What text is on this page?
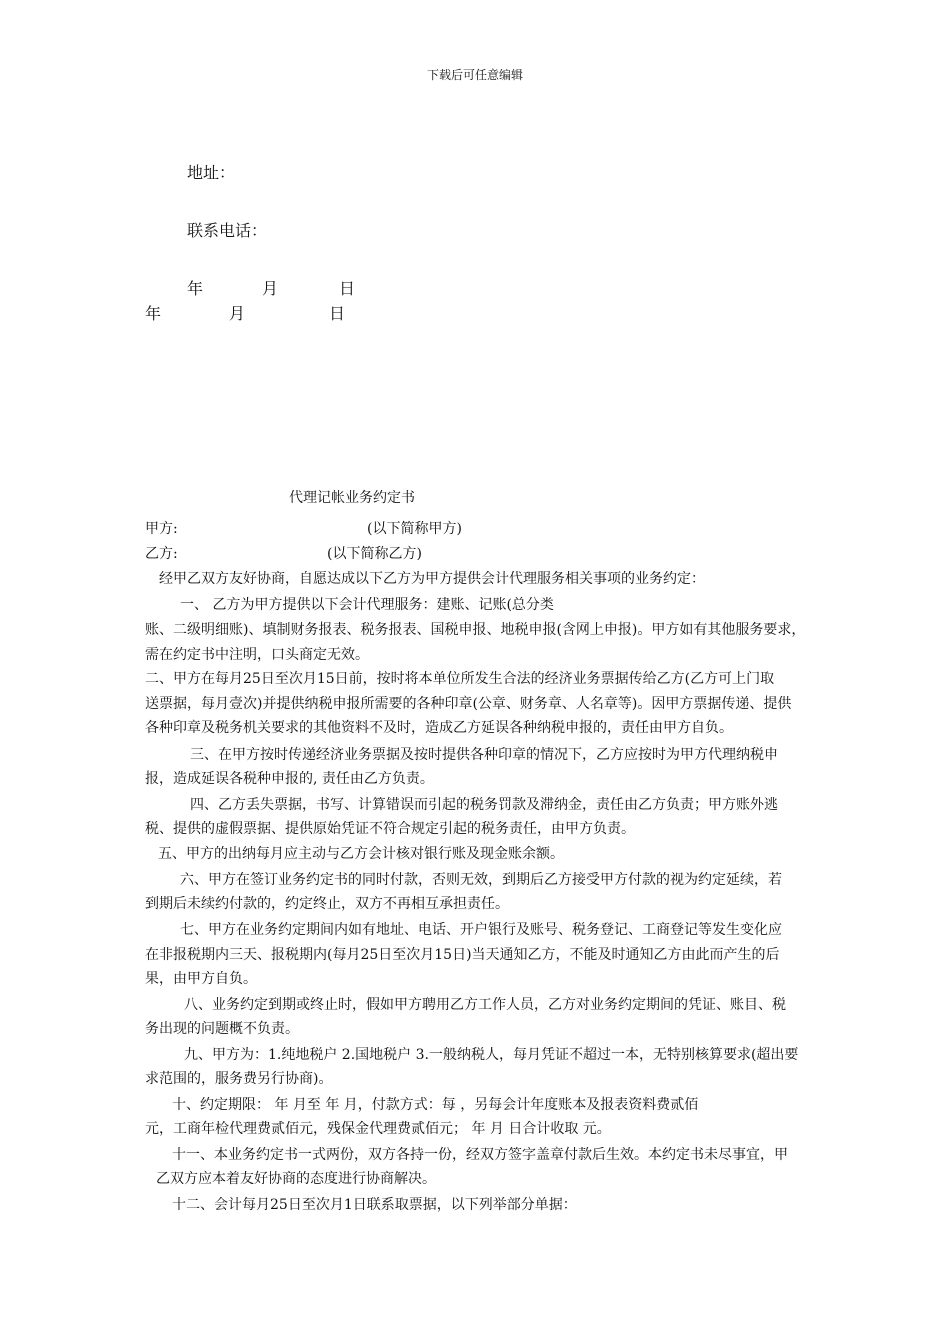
下载后可任意编辑
地址：
联系电话：
年	月	日
年	月	日
代理记帐业务约定书
甲方:	(以下简称甲方)
乙方:	(以下简称乙方)
经甲乙双方友好协商，自愿达成以下乙方为甲方提供会计代理服务相关事项的业务约定：
一、 乙方为甲方提供以下会计代理服务：建账、记账(总分类
账、二级明细账)、填制财务报表、税务报表、国税申报、地税申报(含网上申报)。甲方如有其他服务要求，
需在约定书中注明，口头商定无效。
二、甲方在每月25日至次月15日前，按时将本单位所发生合法的经济业务票据传给乙方(乙方可上门取
送票据，每月壹次)并提供纳税申报所需要的各种印章(公章、财务章、人名章等)。因甲方票据传递、提供
各种印章及税务机关要求的其他资料不及时，造成乙方延误各种纳税申报的，责任由甲方自负。
三、在甲方按时传递经济业务票据及按时提供各种印章的情况下，乙方应按时为甲方代理纳税申
报，造成延误各税种申报的, 责任由乙方负责。
四、乙方丢失票据，书写、计算错误而引起的税务罚款及滞纳金，责任由乙方负责；甲方账外逃
税、提供的虚假票据、提供原始凭证不符合规定引起的税务责任，由甲方负责。
五、甲方的出纳每月应主动与乙方会计核对银行账及现金账余额。
六、甲方在签订业务约定书的同时付款，否则无效，到期后乙方接受甲方付款的视为约定延续，若
到期后未续约付款的，约定终止，双方不再相互承担责任。
七、甲方在业务约定期间内如有地址、电话、开户银行及账号、税务登记、工商登记等发生变化应
在非报税期内三天、报税期内(每月25日至次月15日)当天通知乙方，不能及时通知乙方由此而产生的后
果，由甲方自负。
八、业务约定到期或终止时，假如甲方聘用乙方工作人员，乙方对业务约定期间的凭证、账目、税
务出现的问题概不负责。
九、甲方为：1.纯地税户 2.国地税户 3.一般纳税人，每月凭证不超过一本，无特别核算要求(超出要
求范围的，服务费另行协商)。
十、约定期限： 年 月至 年 月，付款方式：每 ，另每会计年度账本及报表资料费贰佰
元，工商年检代理费贰佰元，残保金代理费贰佰元； 年 月 日合计收取 元。
十一、本业务约定书一式两份，双方各持一份，经双方签字盖章付款后生效。本约定书未尽事宜，甲
乙双方应本着友好协商的态度进行协商解决。
十二、会计每月25日至次月1日联系取票据，以下列举部分单据：
